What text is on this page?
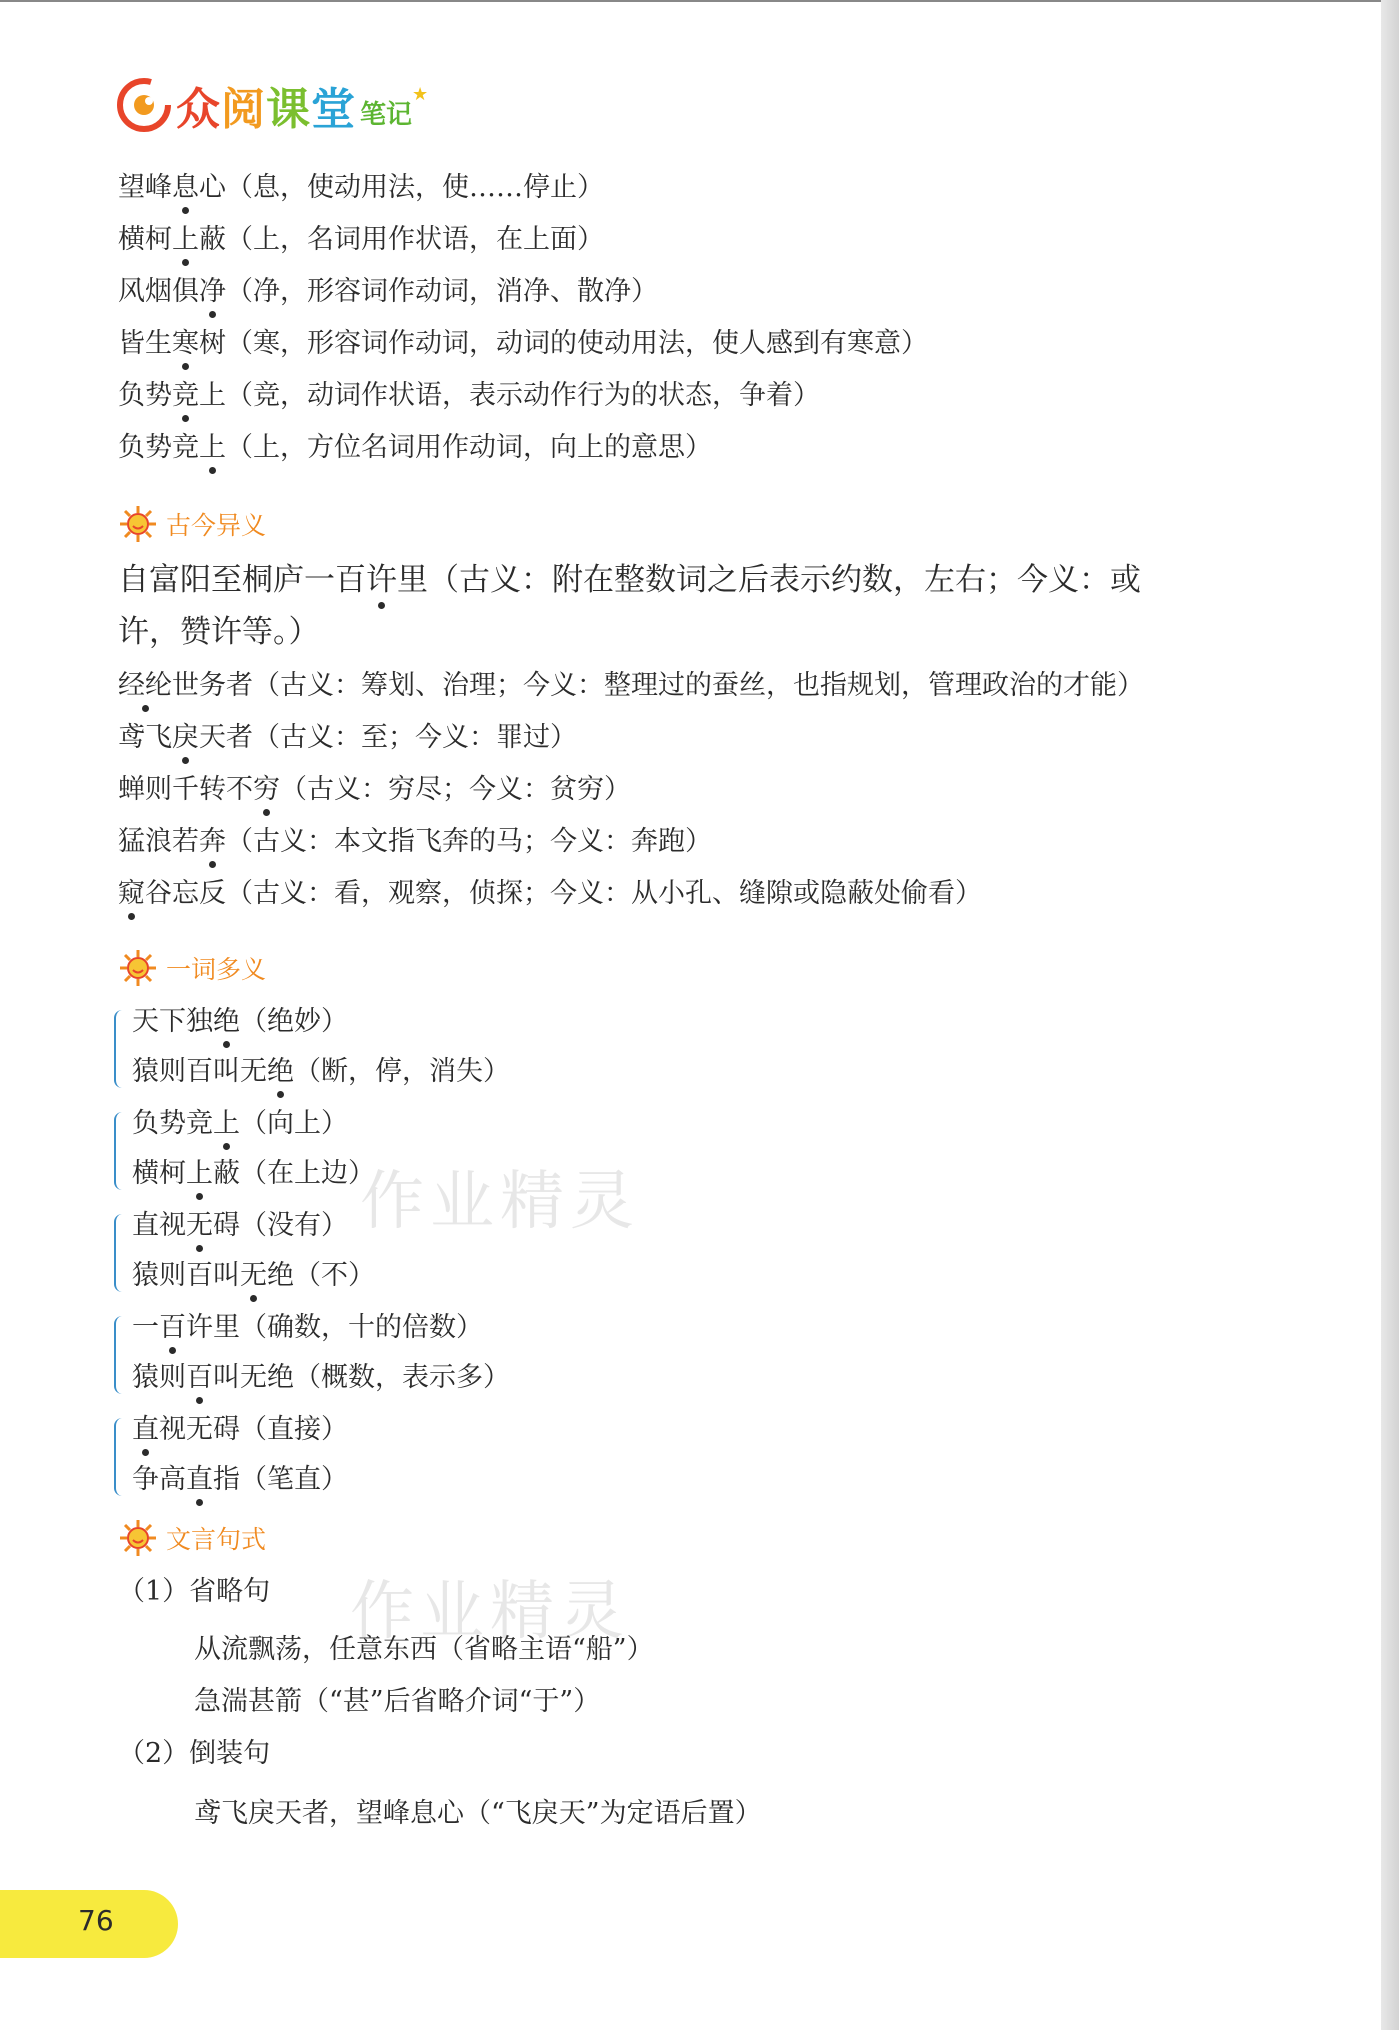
众阅课堂 笔记
★
望峰息心（息，使动用法，使……停止）
横柯上蔽（上，名词用作状语，在上面）
风烟俱净（净，形容词作动词，消净、散净）
皆生寒树（寒，形容词作动词，动词的使动用法，使人感到有寒意）
负势竞上（竞，动词作状语，表示动作行为的状态，争着）
负势竞上（上，方位名词用作动词，向上的意思）
古今异义
自富阳至桐庐一百许里（古义：附在整数词之后表示约数，左右；今义：或
许，赞许等。）
经纶世务者（古义：筹划、治理；今义：整理过的蚕丝，也指规划，管理政治的才能）
鸢飞戾天者（古义：至；今义：罪过）
蝉则千转不穷（古义：穷尽；今义：贫穷）
猛浪若奔（古义：本文指飞奔的马；今义：奔跑）
窥谷忘反（古义：看，观察，侦探；今义：从小孔、缝隙或隐蔽处偷看）
一词多义
天下独绝（绝妙）
猿则百叫无绝（断，停，消失）
负势竞上（向上）
横柯上蔽（在上边）
直视无碍（没有）
猿则百叫无绝（不）
一百许里（确数，十的倍数）
猿则百叫无绝（概数，表示多）
直视无碍（直接）
争高直指（笔直）
文言句式
（1）省略句
从流飘荡，任意东西（省略主语“船”）
急湍甚箭（“甚”后省略介词“于”）
（2）倒装句
鸢飞戾天者，望峰息心（“飞戾天”为定语后置）
作业精灵
作业精灵
76
